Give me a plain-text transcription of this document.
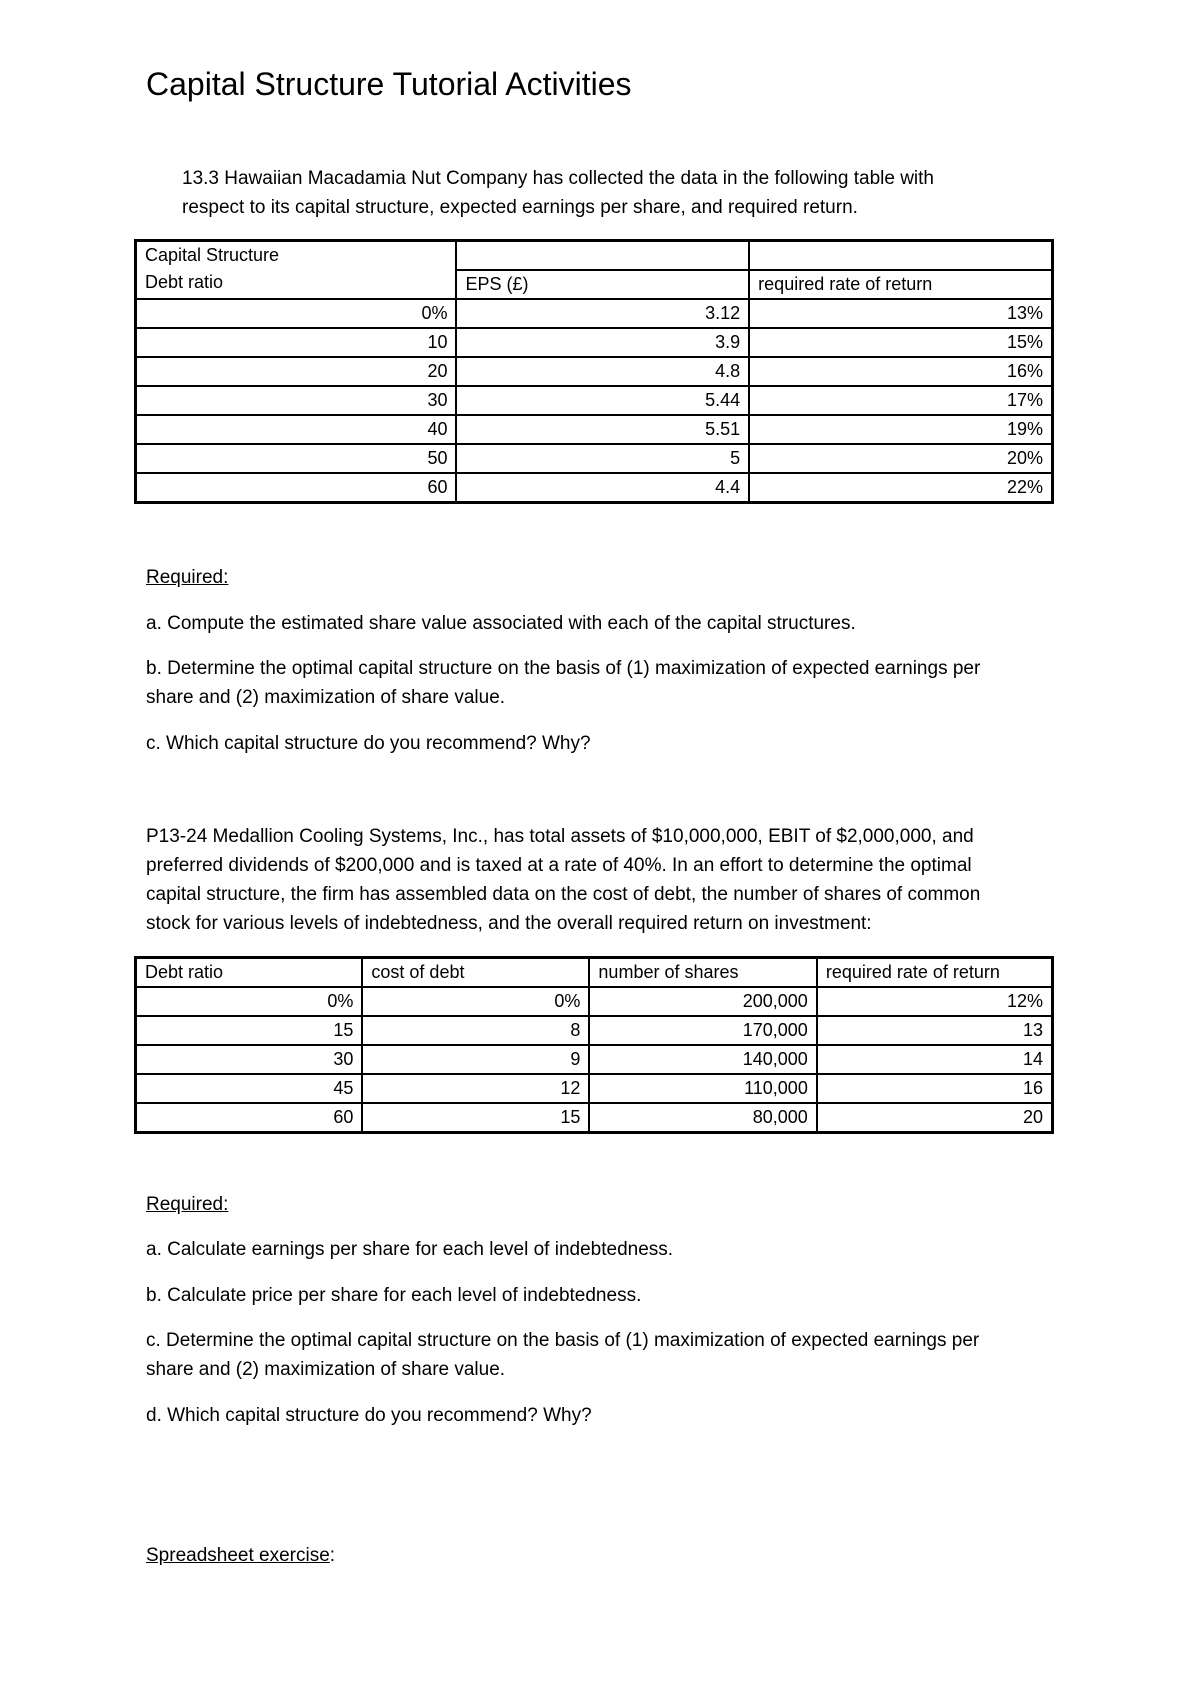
Capital Structure Tutorial Activities

13.3 Hawaiian Macadamia Nut Company has collected the data in the following table with

respect to its capital structure, expected earnings per share, and required return.

Capital Structure
Debt ratio		

	EPS (£)	required rate of return
0%	3.12	13%
10	3.9	15%
20	4.8	16%
30	5.44	17%
40	5.51	19%
50	5	20%
60	4.4	22%

Required:

a. Compute the estimated share value associated with each of the capital structures.

b. Determine the optimal capital structure on the basis of (1) maximization of expected earnings per

share and (2) maximization of share value.

c. Which capital structure do you recommend? Why?

P13-24 Medallion Cooling Systems, Inc., has total assets of $10,000,000, EBIT of $2,000,000, and

preferred dividends of $200,000 and is taxed at a rate of 40%. In an effort to determine the optimal

capital structure, the firm has assembled data on the cost of debt, the number of shares of common

stock for various levels of indebtedness, and the overall required return on investment:

Debt ratio	cost of debt	number of shares	required rate of return
0%	0%	200,000	12%
15	8	170,000	13
30	9	140,000	14
45	12	110,000	16
60	15	80,000	20

Required:

a. Calculate earnings per share for each level of indebtedness.

b. Calculate price per share for each level of indebtedness.

c. Determine the optimal capital structure on the basis of (1) maximization of expected earnings per

share and (2) maximization of share value.

d. Which capital structure do you recommend? Why?

Spreadsheet exercise:
